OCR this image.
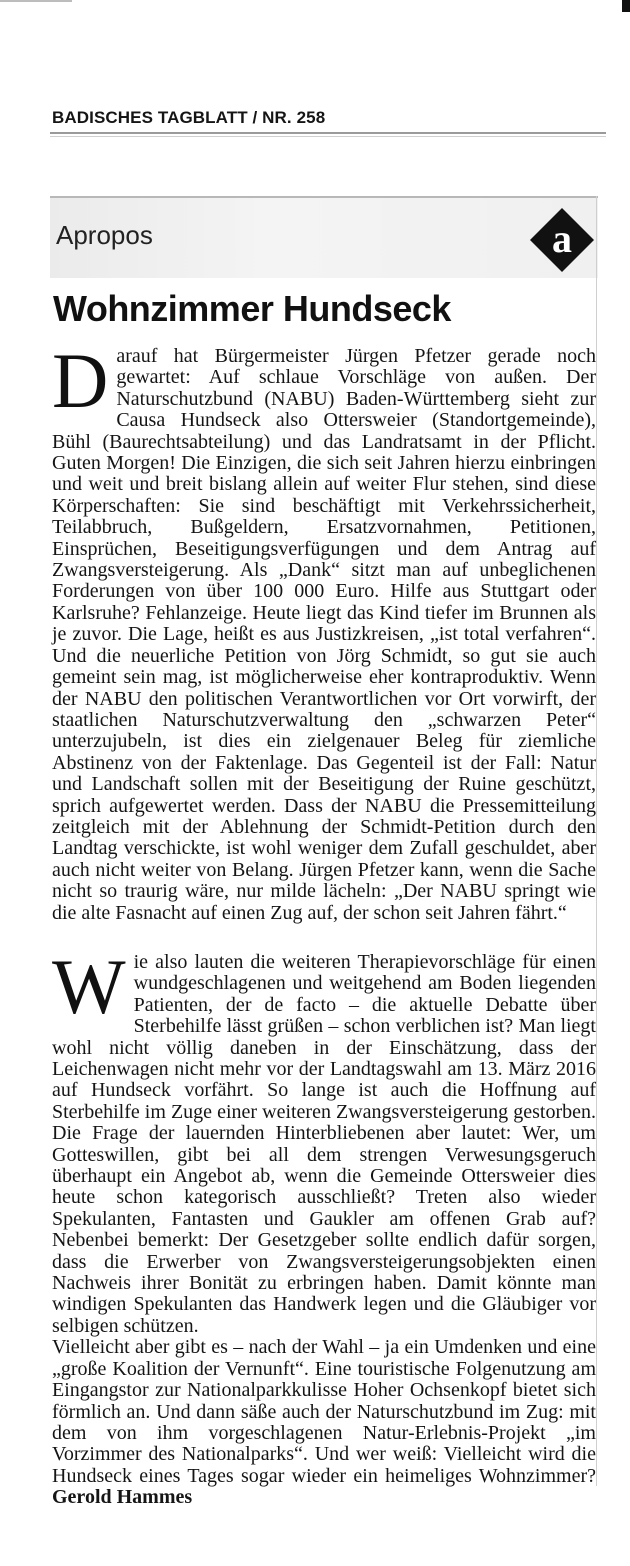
BADISCHES TAGBLATT / NR. 258
Apropos	a
Wohnzimmer Hundseck

Darauf hat Bürgermeister Jürgen Pfetzer gerade noch gewartet: Auf schlaue Vorschläge von außen. Der Naturschutzbund (NABU) Baden-Württemberg sieht zur Causa Hundseck also Ottersweier (Standortgemeinde), Bühl (Baurechtsabteilung) und das Landratsamt in der Pflicht. Guten Morgen! Die Einzigen, die sich seit Jahren hierzu einbringen und weit und breit bislang allein auf weiter Flur stehen, sind diese Körperschaften: Sie sind beschäftigt mit Verkehrssicherheit, Teilabbruch, Bußgeldern, Ersatzvornahmen, Petitionen, Einsprüchen, Beseitigungsverfügungen und dem Antrag auf Zwangsversteigerung. Als „Dank“ sitzt man auf unbeglichenen Forderungen von über 100 000 Euro. Hilfe aus Stuttgart oder Karlsruhe? Fehlanzeige. Heute liegt das Kind tiefer im Brunnen als je zuvor. Die Lage, heißt es aus Justizkreisen, „ist total verfahren“. Und die neuerliche Petition von Jörg Schmidt, so gut sie auch gemeint sein mag, ist möglicherweise eher kontraproduktiv. Wenn der NABU den politischen Verantwortlichen vor Ort vorwirft, der staatlichen Naturschutzverwaltung den „schwarzen Peter“ unterzujubeln, ist dies ein zielgenauer Beleg für ziemliche Abstinenz von der Faktenlage. Das Gegenteil ist der Fall: Natur und Landschaft sollen mit der Beseitigung der Ruine geschützt, sprich aufgewertet werden. Dass der NABU die Pressemitteilung zeitgleich mit der Ablehnung der Schmidt-Petition durch den Landtag verschickte, ist wohl weniger dem Zufall geschuldet, aber auch nicht weiter von Belang. Jürgen Pfetzer kann, wenn die Sache nicht so traurig wäre, nur milde lächeln: „Der NABU springt wie die alte Fasnacht auf einen Zug auf, der schon seit Jahren fährt.“

Wie also lauten die weiteren Therapievorschläge für einen wundgeschlagenen und weitgehend am Boden liegenden Patienten, der de facto – die aktuelle Debatte über Sterbehilfe lässt grüßen – schon verblichen ist? Man liegt wohl nicht völlig daneben in der Einschätzung, dass der Leichenwagen nicht mehr vor der Landtagswahl am 13. März 2016 auf Hundseck vorfährt. So lange ist auch die Hoffnung auf Sterbehilfe im Zuge einer weiteren Zwangsversteigerung gestorben. Die Frage der lauernden Hinterbliebenen aber lautet: Wer, um Gotteswillen, gibt bei all dem strengen Verwesungsgeruch überhaupt ein Angebot ab, wenn die Gemeinde Ottersweier dies heute schon kategorisch ausschließt? Treten also wieder Spekulanten, Fantasten und Gaukler am offenen Grab auf? Nebenbei bemerkt: Der Gesetzgeber sollte endlich dafür sorgen, dass die Erwerber von Zwangsversteigerungsobjekten einen Nachweis ihrer Bonität zu erbringen haben. Damit könnte man windigen Spekulanten das Handwerk legen und die Gläubiger vor selbigen schützen.

Vielleicht aber gibt es – nach der Wahl – ja ein Umdenken und eine „große Koalition der Vernunft“. Eine touristische Folgenutzung am Eingangstor zur Nationalparkkulisse Hoher Ochsenkopf bietet sich förmlich an. Und dann säße auch der Naturschutzbund im Zug: mit dem von ihm vorgeschlagenen Natur-Erlebnis-Projekt „im Vorzimmer des Nationalparks“. Und wer weiß: Vielleicht wird die Hundseck eines Tages sogar wieder ein heimeliges Wohnzimmer? Gerold Hammes
